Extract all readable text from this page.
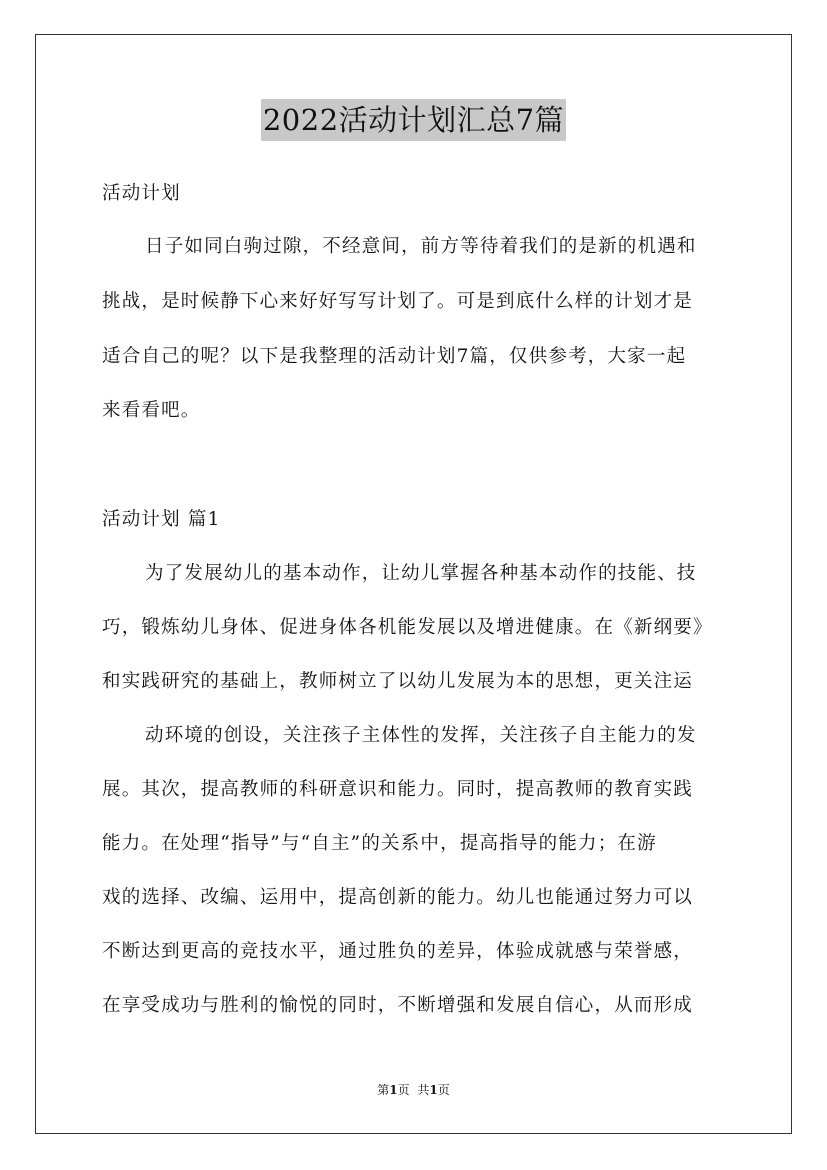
2022活动计划汇总7篇
活动计划
日子如同白驹过隙，不经意间，前方等待着我们的是新的机遇和
挑战，是时候静下心来好好写写计划了。可是到底什么样的计划才是
适合自己的呢？以下是我整理的活动计划7篇，仅供参考，大家一起
来看看吧。
活动计划 篇1
为了发展幼儿的基本动作，让幼儿掌握各种基本动作的技能、技
巧，锻炼幼儿身体、促进身体各机能发展以及增进健康。在《新纲要》
和实践研究的基础上，教师树立了以幼儿发展为本的思想，更关注运
动环境的创设，关注孩子主体性的发挥，关注孩子自主能力的发
展。其次，提高教师的科研意识和能力。同时，提高教师的教育实践
能力。在处理“指导”与“自主”的关系中，提高指导的能力；在游
戏的选择、改编、运用中，提高创新的能力。幼儿也能通过努力可以
不断达到更高的竞技水平，通过胜负的差异，体验成就感与荣誉感，
在享受成功与胜利的愉悦的同时，不断增强和发展自信心，从而形成
第1页 共1页
